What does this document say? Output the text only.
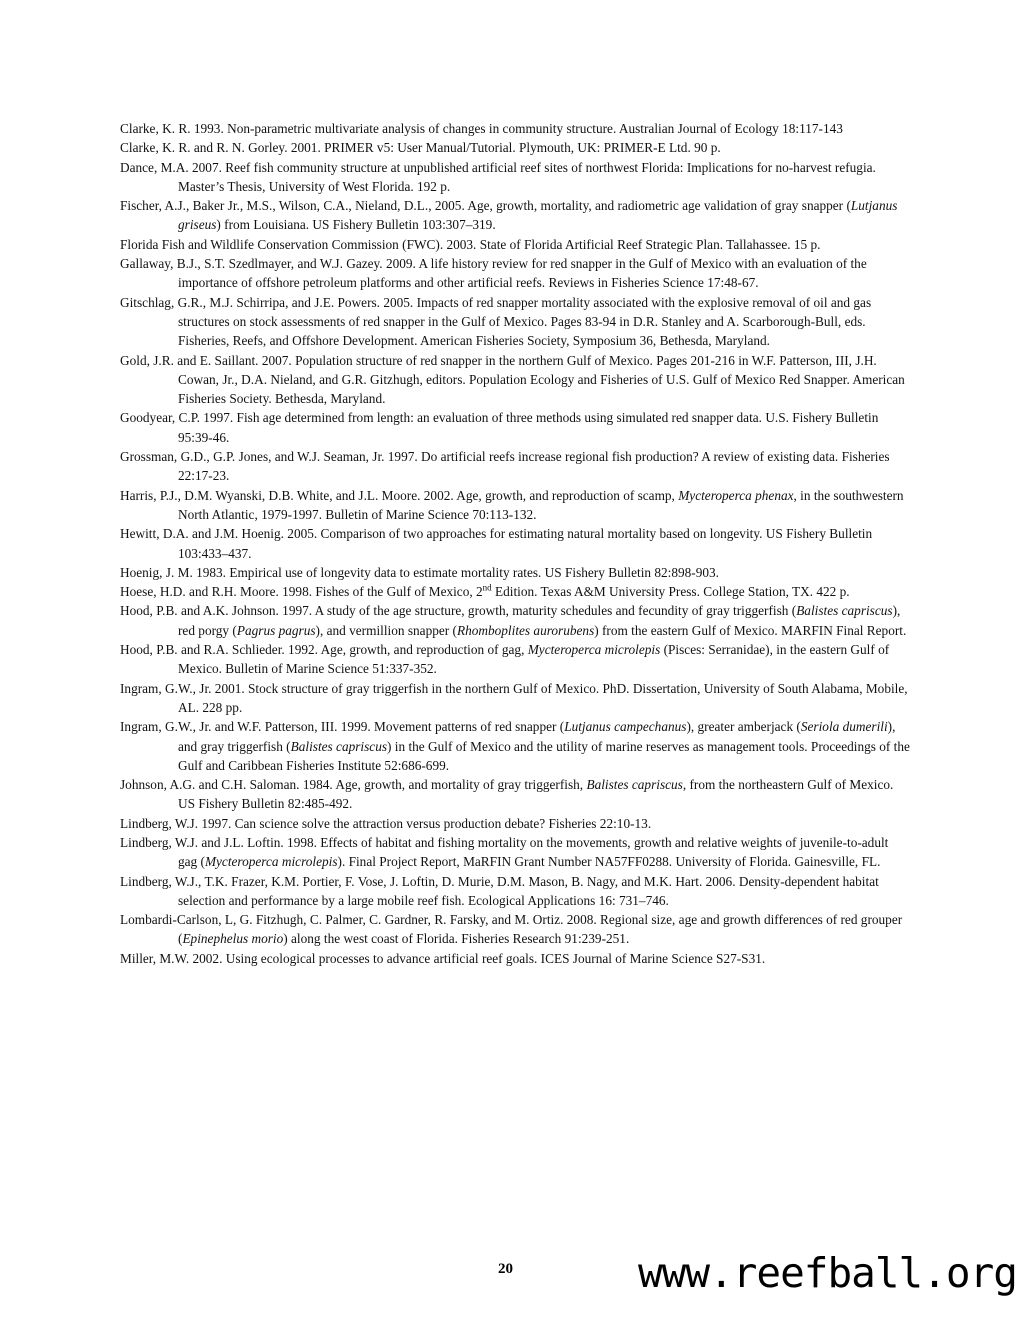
Clarke, K. R. 1993. Non-parametric multivariate analysis of changes in community structure. Australian Journal of Ecology 18:117-143

Clarke, K. R. and R. N. Gorley. 2001. PRIMER v5: User Manual/Tutorial. Plymouth, UK: PRIMER-E Ltd. 90 p.

Dance, M.A. 2007. Reef fish community structure at unpublished artificial reef sites of northwest Florida: Implications for no-harvest refugia. Master’s Thesis, University of West Florida. 192 p.

Fischer, A.J., Baker Jr., M.S., Wilson, C.A., Nieland, D.L., 2005. Age, growth, mortality, and radiometric age validation of gray snapper (Lutjanus griseus) from Louisiana. US Fishery Bulletin 103:307–319.

Florida Fish and Wildlife Conservation Commission (FWC). 2003. State of Florida Artificial Reef Strategic Plan. Tallahassee. 15 p.

Gallaway, B.J., S.T. Szedlmayer, and W.J. Gazey. 2009. A life history review for red snapper in the Gulf of Mexico with an evaluation of the importance of offshore petroleum platforms and other artificial reefs. Reviews in Fisheries Science 17:48-67.

Gitschlag, G.R., M.J. Schirripa, and J.E. Powers. 2005. Impacts of red snapper mortality associated with the explosive removal of oil and gas structures on stock assessments of red snapper in the Gulf of Mexico. Pages 83-94 in D.R. Stanley and A. Scarborough-Bull, eds. Fisheries, Reefs, and Offshore Development. American Fisheries Society, Symposium 36, Bethesda, Maryland.

Gold, J.R. and E. Saillant. 2007. Population structure of red snapper in the northern Gulf of Mexico. Pages 201-216 in W.F. Patterson, III, J.H. Cowan, Jr., D.A. Nieland, and G.R. Gitzhugh, editors. Population Ecology and Fisheries of U.S. Gulf of Mexico Red Snapper. American Fisheries Society. Bethesda, Maryland.

Goodyear, C.P. 1997. Fish age determined from length: an evaluation of three methods using simulated red snapper data. U.S. Fishery Bulletin 95:39-46.

Grossman, G.D., G.P. Jones, and W.J. Seaman, Jr. 1997. Do artificial reefs increase regional fish production? A review of existing data. Fisheries 22:17-23.

Harris, P.J., D.M. Wyanski, D.B. White, and J.L. Moore. 2002. Age, growth, and reproduction of scamp, Mycteroperca phenax, in the southwestern North Atlantic, 1979-1997. Bulletin of Marine Science 70:113-132.

Hewitt, D.A. and J.M. Hoenig. 2005. Comparison of two approaches for estimating natural mortality based on longevity. US Fishery Bulletin 103:433–437.

Hoenig, J. M. 1983. Empirical use of longevity data to estimate mortality rates. US Fishery Bulletin 82:898-903.

Hoese, H.D. and R.H. Moore. 1998. Fishes of the Gulf of Mexico, 2nd Edition. Texas A&M University Press. College Station, TX. 422 p.

Hood, P.B. and A.K. Johnson. 1997. A study of the age structure, growth, maturity schedules and fecundity of gray triggerfish (Balistes capriscus), red porgy (Pagrus pagrus), and vermillion snapper (Rhomboplites aurorubens) from the eastern Gulf of Mexico. MARFIN Final Report.

Hood, P.B. and R.A. Schlieder. 1992. Age, growth, and reproduction of gag, Mycteroperca microlepis (Pisces: Serranidae), in the eastern Gulf of Mexico. Bulletin of Marine Science 51:337-352.

Ingram, G.W., Jr. 2001. Stock structure of gray triggerfish in the northern Gulf of Mexico. PhD. Dissertation, University of South Alabama, Mobile, AL. 228 pp.

Ingram, G.W., Jr. and W.F. Patterson, III. 1999. Movement patterns of red snapper (Lutjanus campechanus), greater amberjack (Seriola dumerili), and gray triggerfish (Balistes capriscus) in the Gulf of Mexico and the utility of marine reserves as management tools. Proceedings of the Gulf and Caribbean Fisheries Institute 52:686-699.

Johnson, A.G. and C.H. Saloman. 1984. Age, growth, and mortality of gray triggerfish, Balistes capriscus, from the northeastern Gulf of Mexico. US Fishery Bulletin 82:485-492.

Lindberg, W.J. 1997. Can science solve the attraction versus production debate? Fisheries 22:10-13.

Lindberg, W.J. and J.L. Loftin. 1998. Effects of habitat and fishing mortality on the movements, growth and relative weights of juvenile-to-adult gag (Mycteroperca microlepis). Final Project Report, MaRFIN Grant Number NA57FF0288. University of Florida. Gainesville, FL.

Lindberg, W.J., T.K. Frazer, K.M. Portier, F. Vose, J. Loftin, D. Murie, D.M. Mason, B. Nagy, and M.K. Hart. 2006. Density-dependent habitat selection and performance by a large mobile reef fish. Ecological Applications 16: 731–746.

Lombardi-Carlson, L, G. Fitzhugh, C. Palmer, C. Gardner, R. Farsky, and M. Ortiz. 2008. Regional size, age and growth differences of red grouper (Epinephelus morio) along the west coast of Florida. Fisheries Research 91:239-251.

Miller, M.W. 2002. Using ecological processes to advance artificial reef goals. ICES Journal of Marine Science S27-S31.

20	www.reefball.org
